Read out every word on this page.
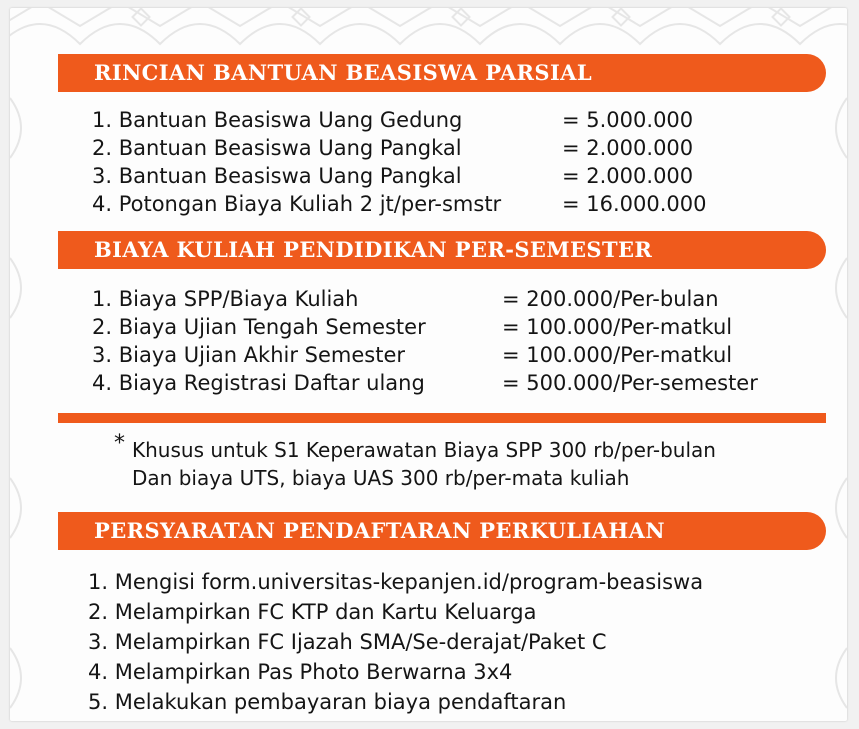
RINCIAN BANTUAN BEASISWA PARSIAL
1. Bantuan Beasiswa Uang Gedung	= 5.000.000
2. Bantuan Beasiswa Uang Pangkal	= 2.000.000
3. Bantuan Beasiswa Uang Pangkal	= 2.000.000
4. Potongan Biaya Kuliah 2 jt/per-smstr	= 16.000.000
BIAYA KULIAH PENDIDIKAN PER-SEMESTER
1. Biaya SPP/Biaya Kuliah	= 200.000/Per-bulan
2. Biaya Ujian Tengah Semester	= 100.000/Per-matkul
3. Biaya Ujian Akhir Semester	= 100.000/Per-matkul
4. Biaya Registrasi Daftar ulang	= 500.000/Per-semester
* Khusus untuk S1 Keperawatan Biaya SPP 300 rb/per-bulan
Dan biaya UTS, biaya UAS 300 rb/per-mata kuliah
PERSYARATAN PENDAFTARAN PERKULIAHAN
1. Mengisi form.universitas-kepanjen.id/program-beasiswa
2. Melampirkan FC KTP dan Kartu Keluarga
3. Melampirkan FC Ijazah SMA/Se-derajat/Paket C
4. Melampirkan Pas Photo Berwarna 3x4
5. Melakukan pembayaran biaya pendaftaran
